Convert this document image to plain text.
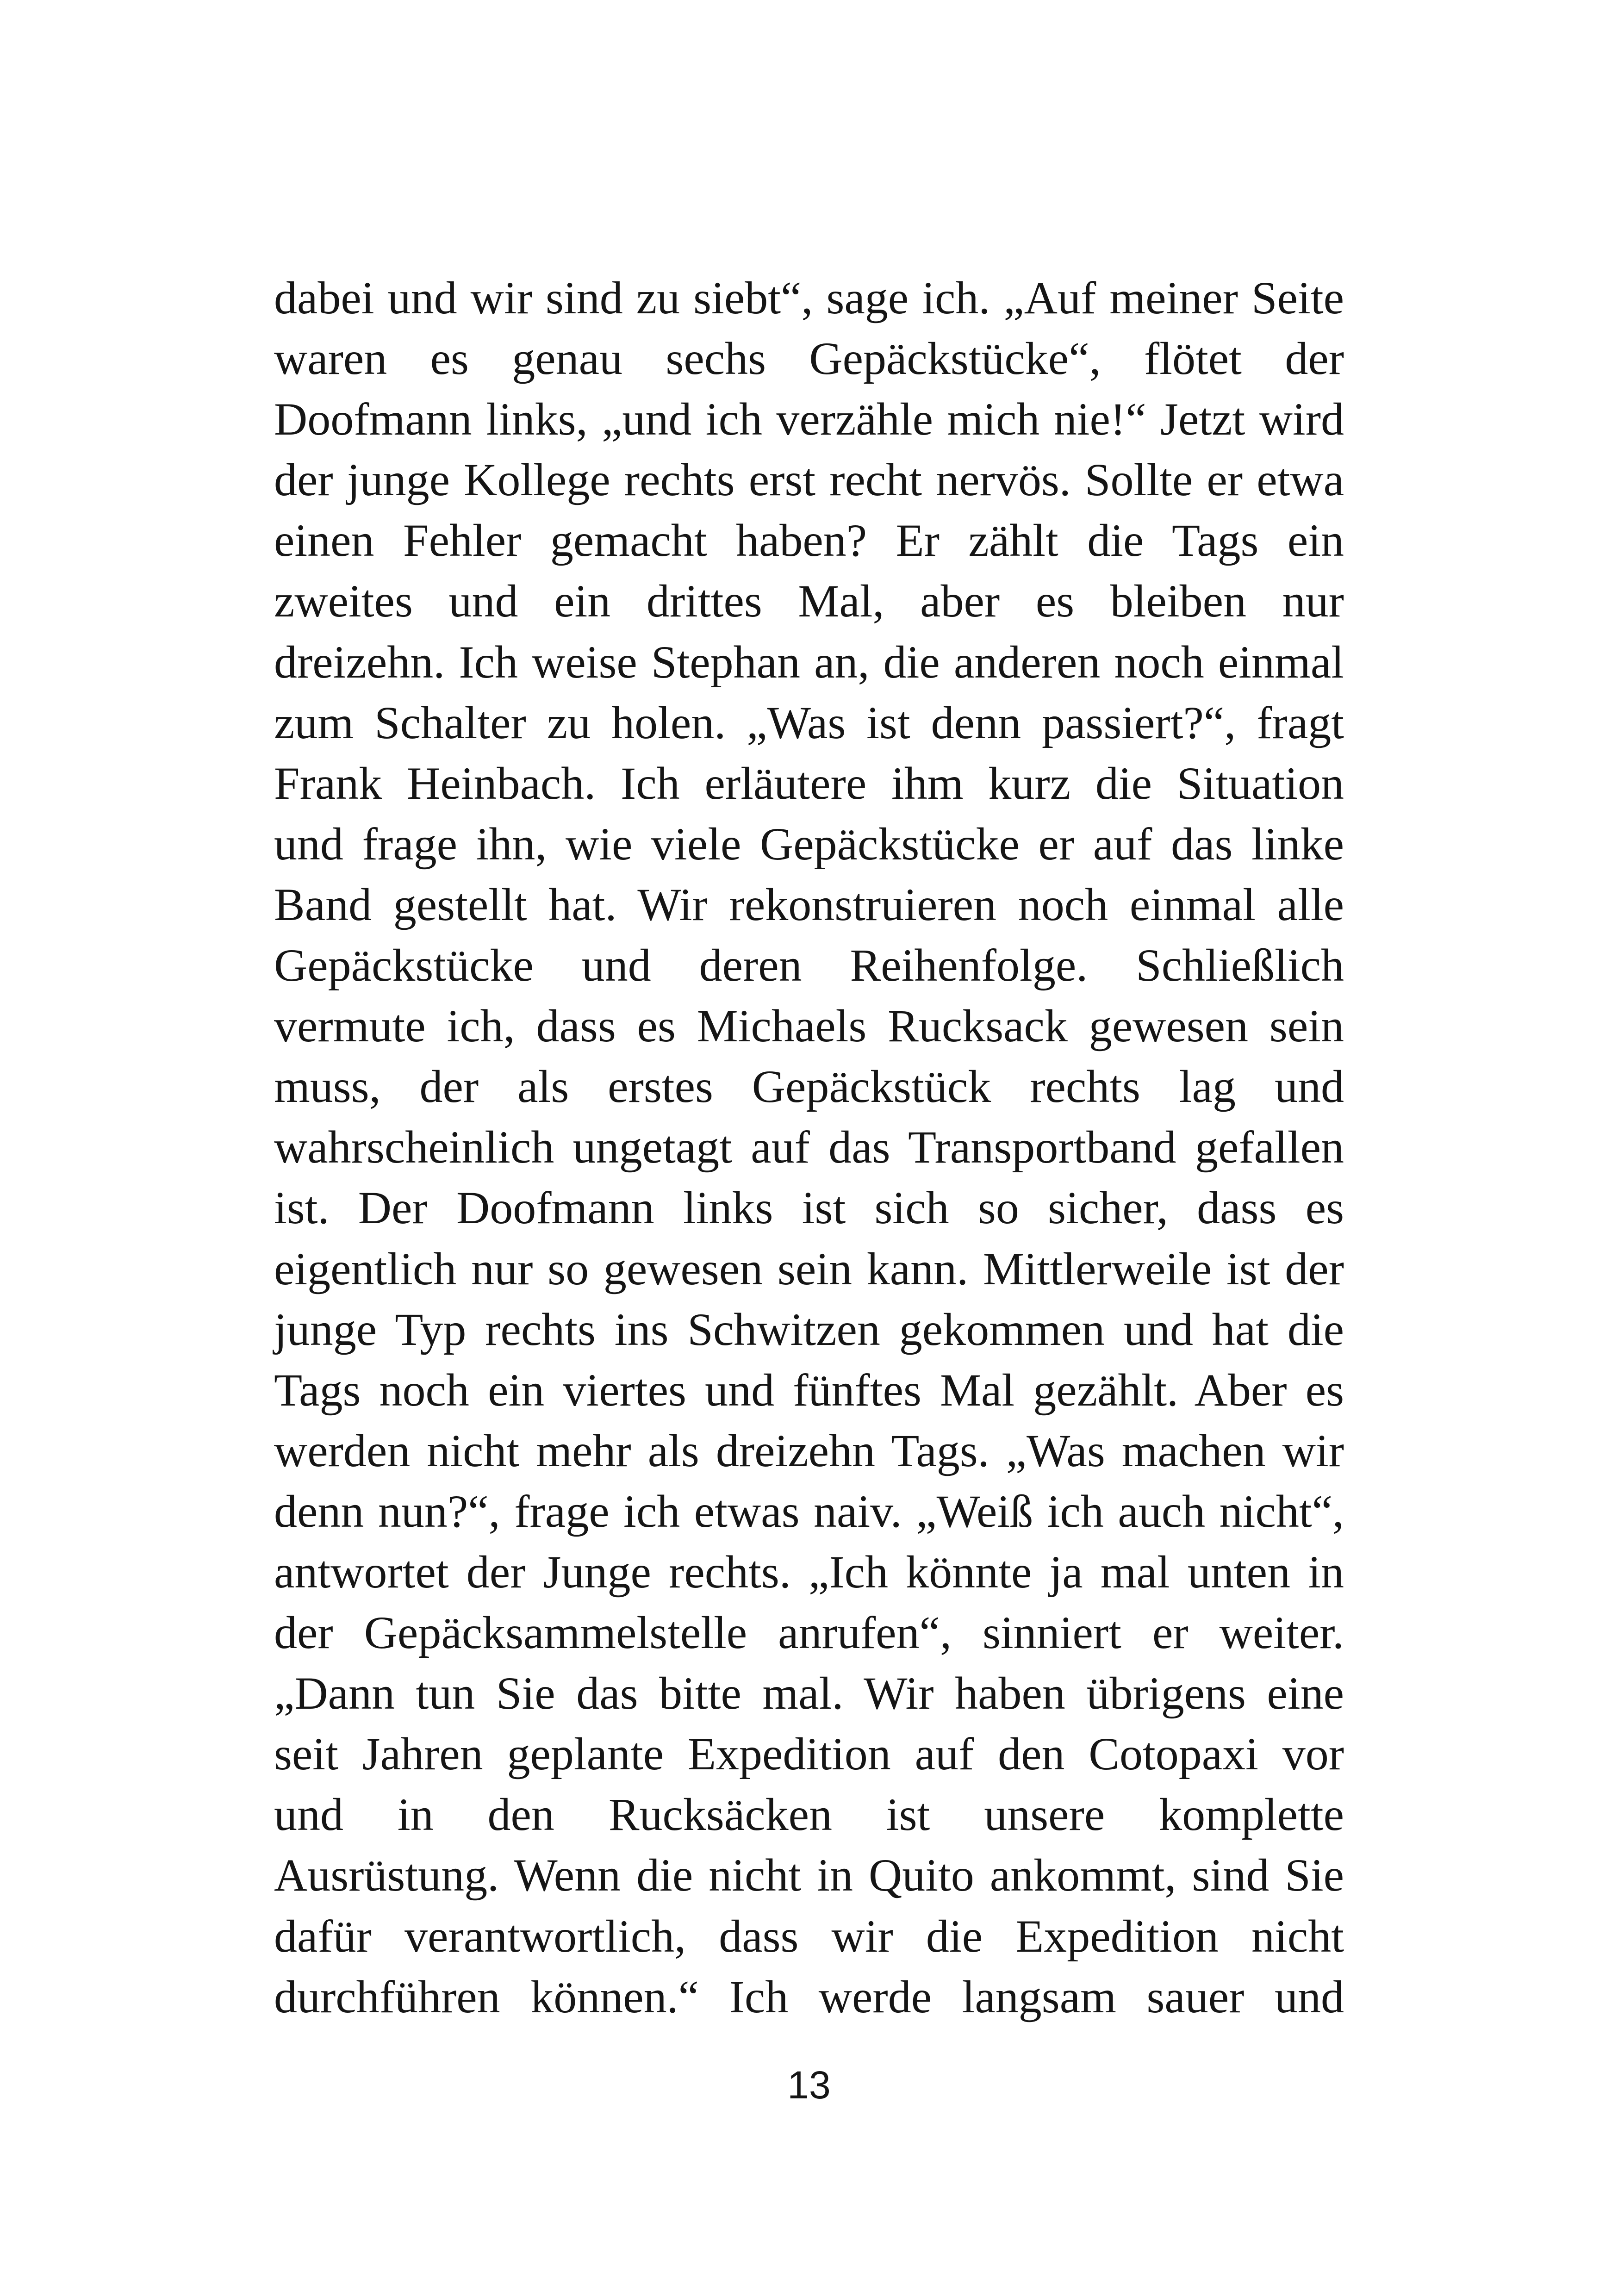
dabei und wir sind zu siebt“, sage ich. „Auf meiner Seite
waren es genau sechs Gepäckstücke“, flötet der
Doofmann links, „und ich verzähle mich nie!“ Jetzt wird
der junge Kollege rechts erst recht nervös. Sollte er etwa
einen Fehler gemacht haben? Er zählt die Tags ein
zweites und ein drittes Mal, aber es bleiben nur
dreizehn. Ich weise Stephan an, die anderen noch einmal
zum Schalter zu holen. „Was ist denn passiert?“, fragt
Frank Heinbach. Ich erläutere ihm kurz die Situation
und frage ihn, wie viele Gepäckstücke er auf das linke
Band gestellt hat. Wir rekonstruieren noch einmal alle
Gepäckstücke und deren Reihenfolge. Schließlich
vermute ich, dass es Michaels Rucksack gewesen sein
muss, der als erstes Gepäckstück rechts lag und
wahrscheinlich ungetagt auf das Transportband gefallen
ist. Der Doofmann links ist sich so sicher, dass es
eigentlich nur so gewesen sein kann. Mittlerweile ist der
junge Typ rechts ins Schwitzen gekommen und hat die
Tags noch ein viertes und fünftes Mal gezählt. Aber es
werden nicht mehr als dreizehn Tags. „Was machen wir
denn nun?“, frage ich etwas naiv. „Weiß ich auch nicht“,
antwortet der Junge rechts. „Ich könnte ja mal unten in
der Gepäcksammelstelle anrufen“, sinniert er weiter.
„Dann tun Sie das bitte mal. Wir haben übrigens eine
seit Jahren geplante Expedition auf den Cotopaxi vor
und in den Rucksäcken ist unsere komplette
Ausrüstung. Wenn die nicht in Quito ankommt, sind Sie
dafür verantwortlich, dass wir die Expedition nicht
durchführen können.“ Ich werde langsam sauer und
13
